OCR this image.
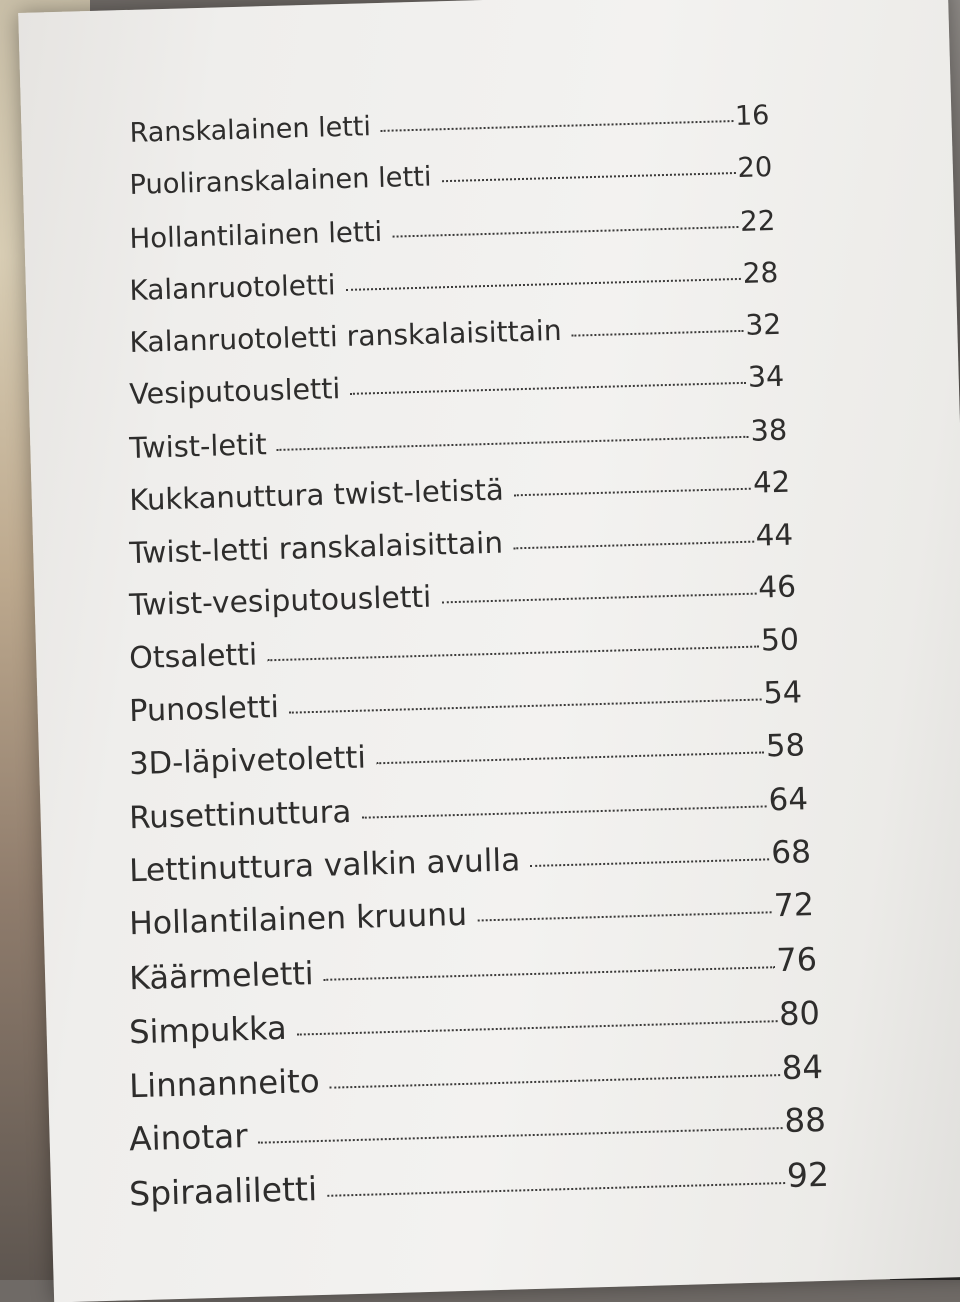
Ranskalainen letti	16
Puoliranskalainen letti	20
Hollantilainen letti	22
Kalanruotoletti	28
Kalanruotoletti ranskalaisittain	32
Vesiputousletti	34
Twist-letit	38
Kukkanuttura twist-letistä	42
Twist-letti ranskalaisittain	44
Twist-vesiputousletti	46
Otsaletti	50
Punosletti	54
3D-läpivetoletti	58
Rusettinuttura	64
Lettinuttura valkin avulla	68
Hollantilainen kruunu	72
Käärmeletti	76
Simpukka	80
Linnanneito	84
Ainotar	88
Spiraaliletti	92
